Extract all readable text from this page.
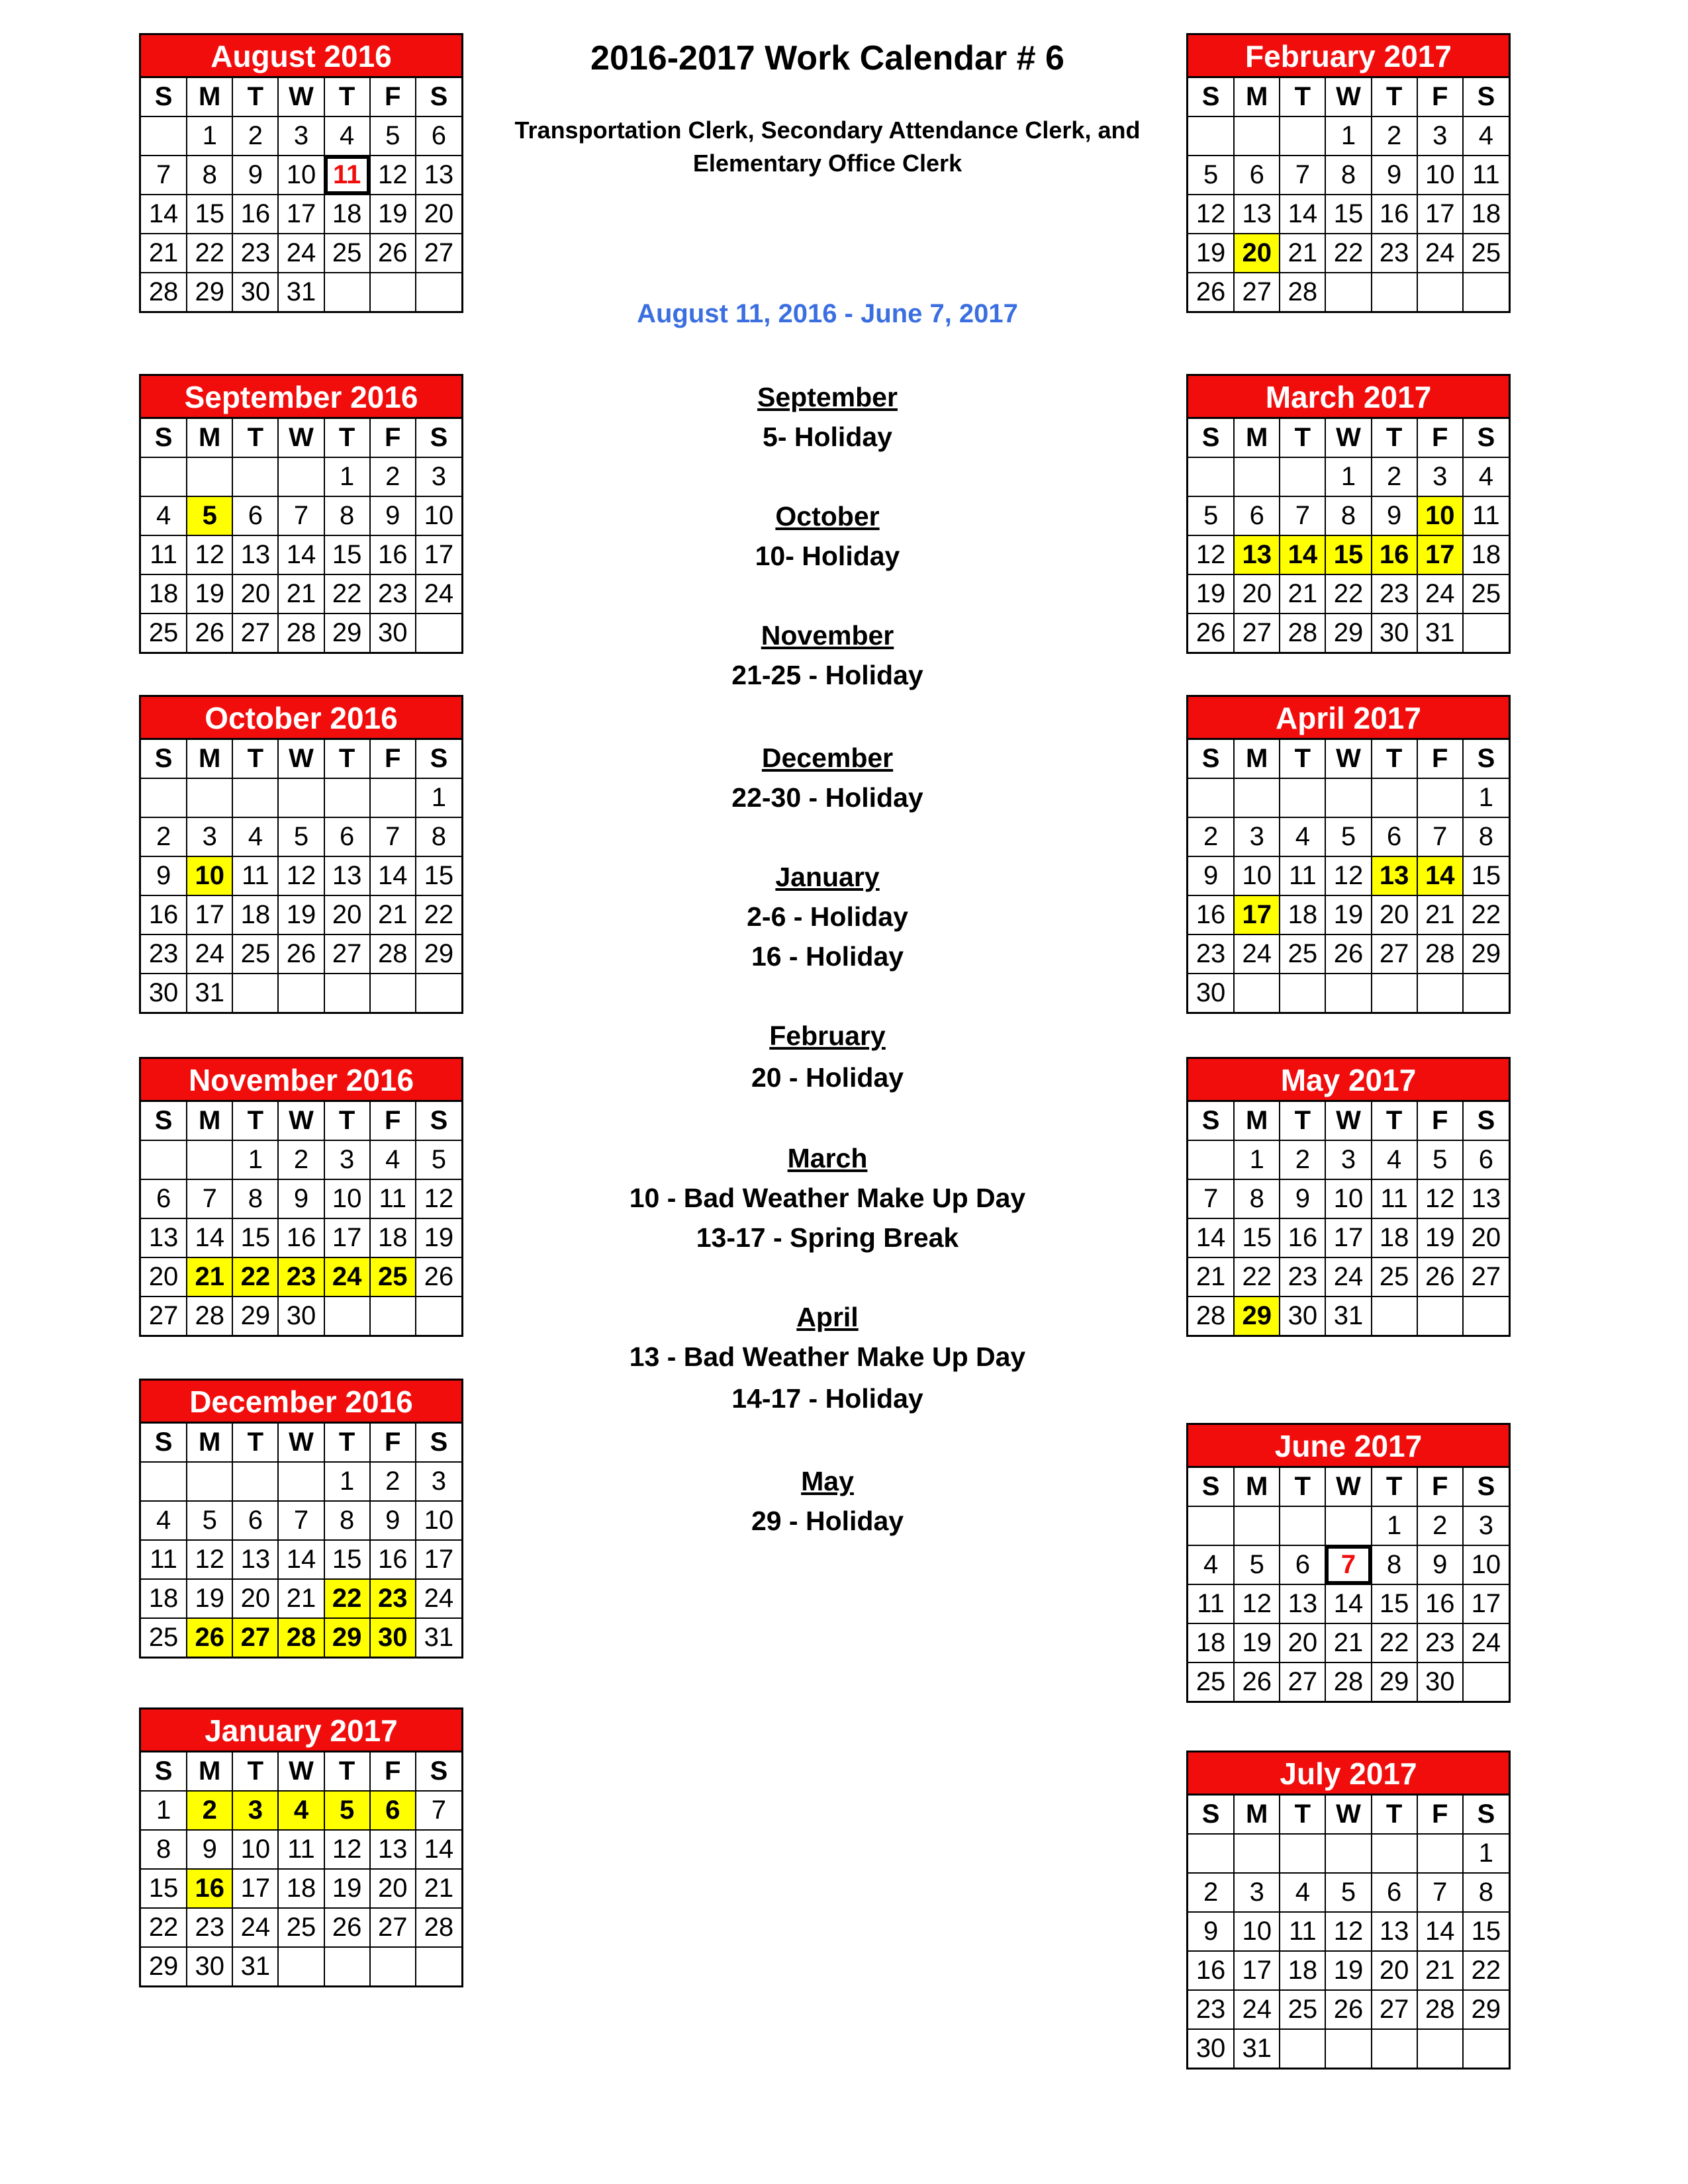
August 2016
S	M	T	W	T	F	S
	1	2	3	4	5	6
7	8	9	10	11	12	13
14	15	16	17	18	19	20
21	22	23	24	25	26	27
28	29	30	31			
September 2016
S	M	T	W	T	F	S
				1	2	3
4	5	6	7	8	9	10
11	12	13	14	15	16	17
18	19	20	21	22	23	24
25	26	27	28	29	30	
October 2016
S	M	T	W	T	F	S
						1
2	3	4	5	6	7	8
9	10	11	12	13	14	15
16	17	18	19	20	21	22
23	24	25	26	27	28	29
30	31					
November 2016
S	M	T	W	T	F	S
		1	2	3	4	5
6	7	8	9	10	11	12
13	14	15	16	17	18	19
20	21	22	23	24	25	26
27	28	29	30			
December 2016
S	M	T	W	T	F	S
				1	2	3
4	5	6	7	8	9	10
11	12	13	14	15	16	17
18	19	20	21	22	23	24
25	26	27	28	29	30	31
January 2017
S	M	T	W	T	F	S
1	2	3	4	5	6	7
8	9	10	11	12	13	14
15	16	17	18	19	20	21
22	23	24	25	26	27	28
29	30	31				
February 2017
S	M	T	W	T	F	S
			1	2	3	4
5	6	7	8	9	10	11
12	13	14	15	16	17	18
19	20	21	22	23	24	25
26	27	28				
March 2017
S	M	T	W	T	F	S
			1	2	3	4
5	6	7	8	9	10	11
12	13	14	15	16	17	18
19	20	21	22	23	24	25
26	27	28	29	30	31	
April 2017
S	M	T	W	T	F	S
						1
2	3	4	5	6	7	8
9	10	11	12	13	14	15
16	17	18	19	20	21	22
23	24	25	26	27	28	29
30						
May 2017
S	M	T	W	T	F	S
	1	2	3	4	5	6
7	8	9	10	11	12	13
14	15	16	17	18	19	20
21	22	23	24	25	26	27
28	29	30	31			
June 2017
S	M	T	W	T	F	S
				1	2	3
4	5	6	7	8	9	10
11	12	13	14	15	16	17
18	19	20	21	22	23	24
25	26	27	28	29	30	
July 2017
S	M	T	W	T	F	S
						1
2	3	4	5	6	7	8
9	10	11	12	13	14	15
16	17	18	19	20	21	22
23	24	25	26	27	28	29
30	31					
2016-2017 Work Calendar # 6
Transportation Clerk, Secondary Attendance Clerk, and
Elementary Office Clerk
August 11, 2016 - June 7, 2017
September
5- Holiday
October
10- Holiday
November
21-25 - Holiday
December
22-30 - Holiday
January
2-6 - Holiday
16 - Holiday
February
20 - Holiday
March
10 - Bad Weather Make Up Day
13-17 - Spring Break
April
13 - Bad Weather Make Up Day
14-17 - Holiday
May
29 - Holiday
